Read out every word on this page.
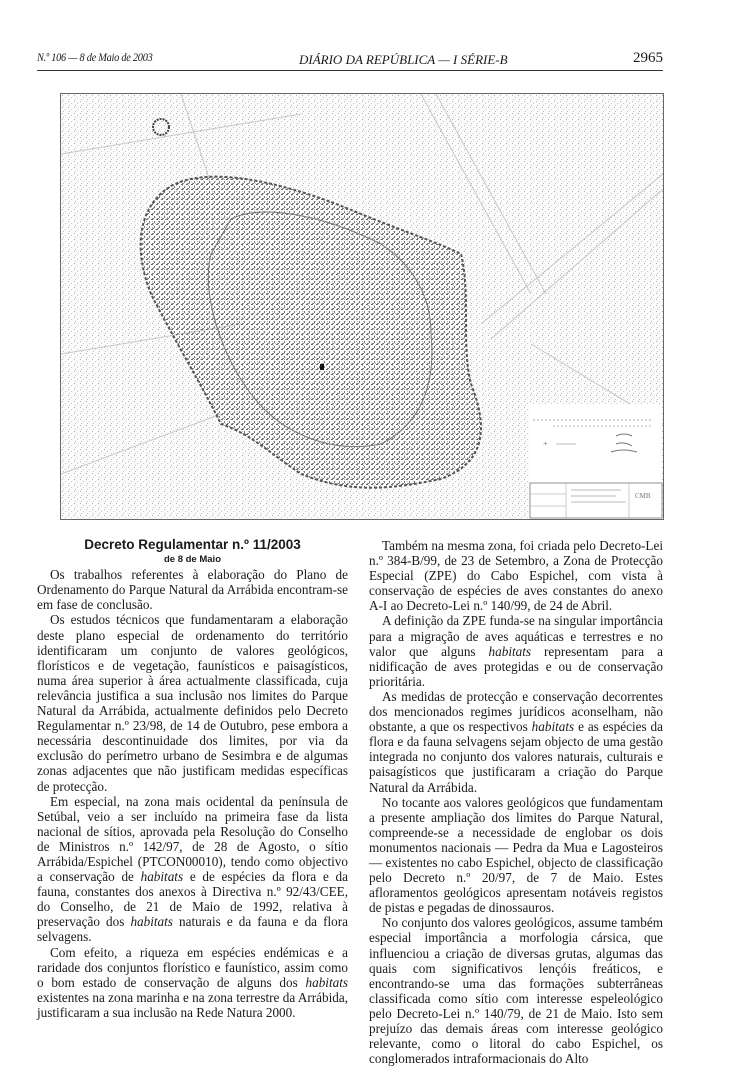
N.º 106 — 8 de Maio de 2003	DIÁRIO DA REPÚBLICA — I SÉRIE-B	2965
+
CMB

Decreto Regulamentar n.º 11/2003

de 8 de Maio

Os trabalhos referentes à elaboração do Plano de Ordenamento do Parque Natural da Arrábida encontram-se em fase de conclusão.

Os estudos técnicos que fundamentaram a elaboração deste plano especial de ordenamento do território identificaram um conjunto de valores geológicos, florísticos e de vegetação, faunísticos e paisagísticos, numa área superior à área actualmente classificada, cuja relevância justifica a sua inclusão nos limites do Parque Natural da Arrábida, actualmente definidos pelo Decreto Regulamentar n.º 23/98, de 14 de Outubro, pese embora a necessária descontinuidade dos limites, por via da exclusão do perímetro urbano de Sesimbra e de algumas zonas adjacentes que não justificam medidas específicas de protecção.

Em especial, na zona mais ocidental da península de Setúbal, veio a ser incluído na primeira fase da lista nacional de sítios, aprovada pela Resolução do Conselho de Ministros n.º 142/97, de 28 de Agosto, o sítio Arrábida/Espichel (PTCON00010), tendo como objectivo a conservação de habitats e de espécies da flora e da fauna, constantes dos anexos à Directiva n.º 92/43/CEE, do Conselho, de 21 de Maio de 1992, relativa à preservação dos habitats naturais e da fauna e da flora selvagens.

Com efeito, a riqueza em espécies endémicas e a raridade dos conjuntos florístico e faunístico, assim como o bom estado de conservação de alguns dos habitats existentes na zona marinha e na zona terrestre da Arrábida, justificaram a sua inclusão na Rede Natura 2000.

Também na mesma zona, foi criada pelo Decreto-Lei n.º 384-B/99, de 23 de Setembro, a Zona de Protecção Especial (ZPE) do Cabo Espichel, com vista à conservação de espécies de aves constantes do anexo A-I ao Decreto-Lei n.º 140/99, de 24 de Abril.

A definição da ZPE funda-se na singular importância para a migração de aves aquáticas e terrestres e no valor que alguns habitats representam para a nidificação de aves protegidas e ou de conservação prioritária.

As medidas de protecção e conservação decorrentes dos mencionados regimes jurídicos aconselham, não obstante, a que os respectivos habitats e as espécies da flora e da fauna selvagens sejam objecto de uma gestão integrada no conjunto dos valores naturais, culturais e paisagísticos que justificaram a criação do Parque Natural da Arrábida.

No tocante aos valores geológicos que fundamentam a presente ampliação dos limites do Parque Natural, compreende-se a necessidade de englobar os dois monumentos nacionais — Pedra da Mua e Lagosteiros — existentes no cabo Espichel, objecto de classificação pelo Decreto n.º 20/97, de 7 de Maio. Estes afloramentos geológicos apresentam notáveis registos de pistas e pegadas de dinossauros.

No conjunto dos valores geológicos, assume também especial importância a morfologia cársica, que influenciou a criação de diversas grutas, algumas das quais com significativos lençóis freáticos, e encontrando-se uma das formações subterrâneas classificada como sítio com interesse espeleológico pelo Decreto-Lei n.º 140/79, de 21 de Maio. Isto sem prejuízo das demais áreas com interesse geológico relevante, como o litoral do cabo Espichel, os conglomerados intraformacionais do Alto
